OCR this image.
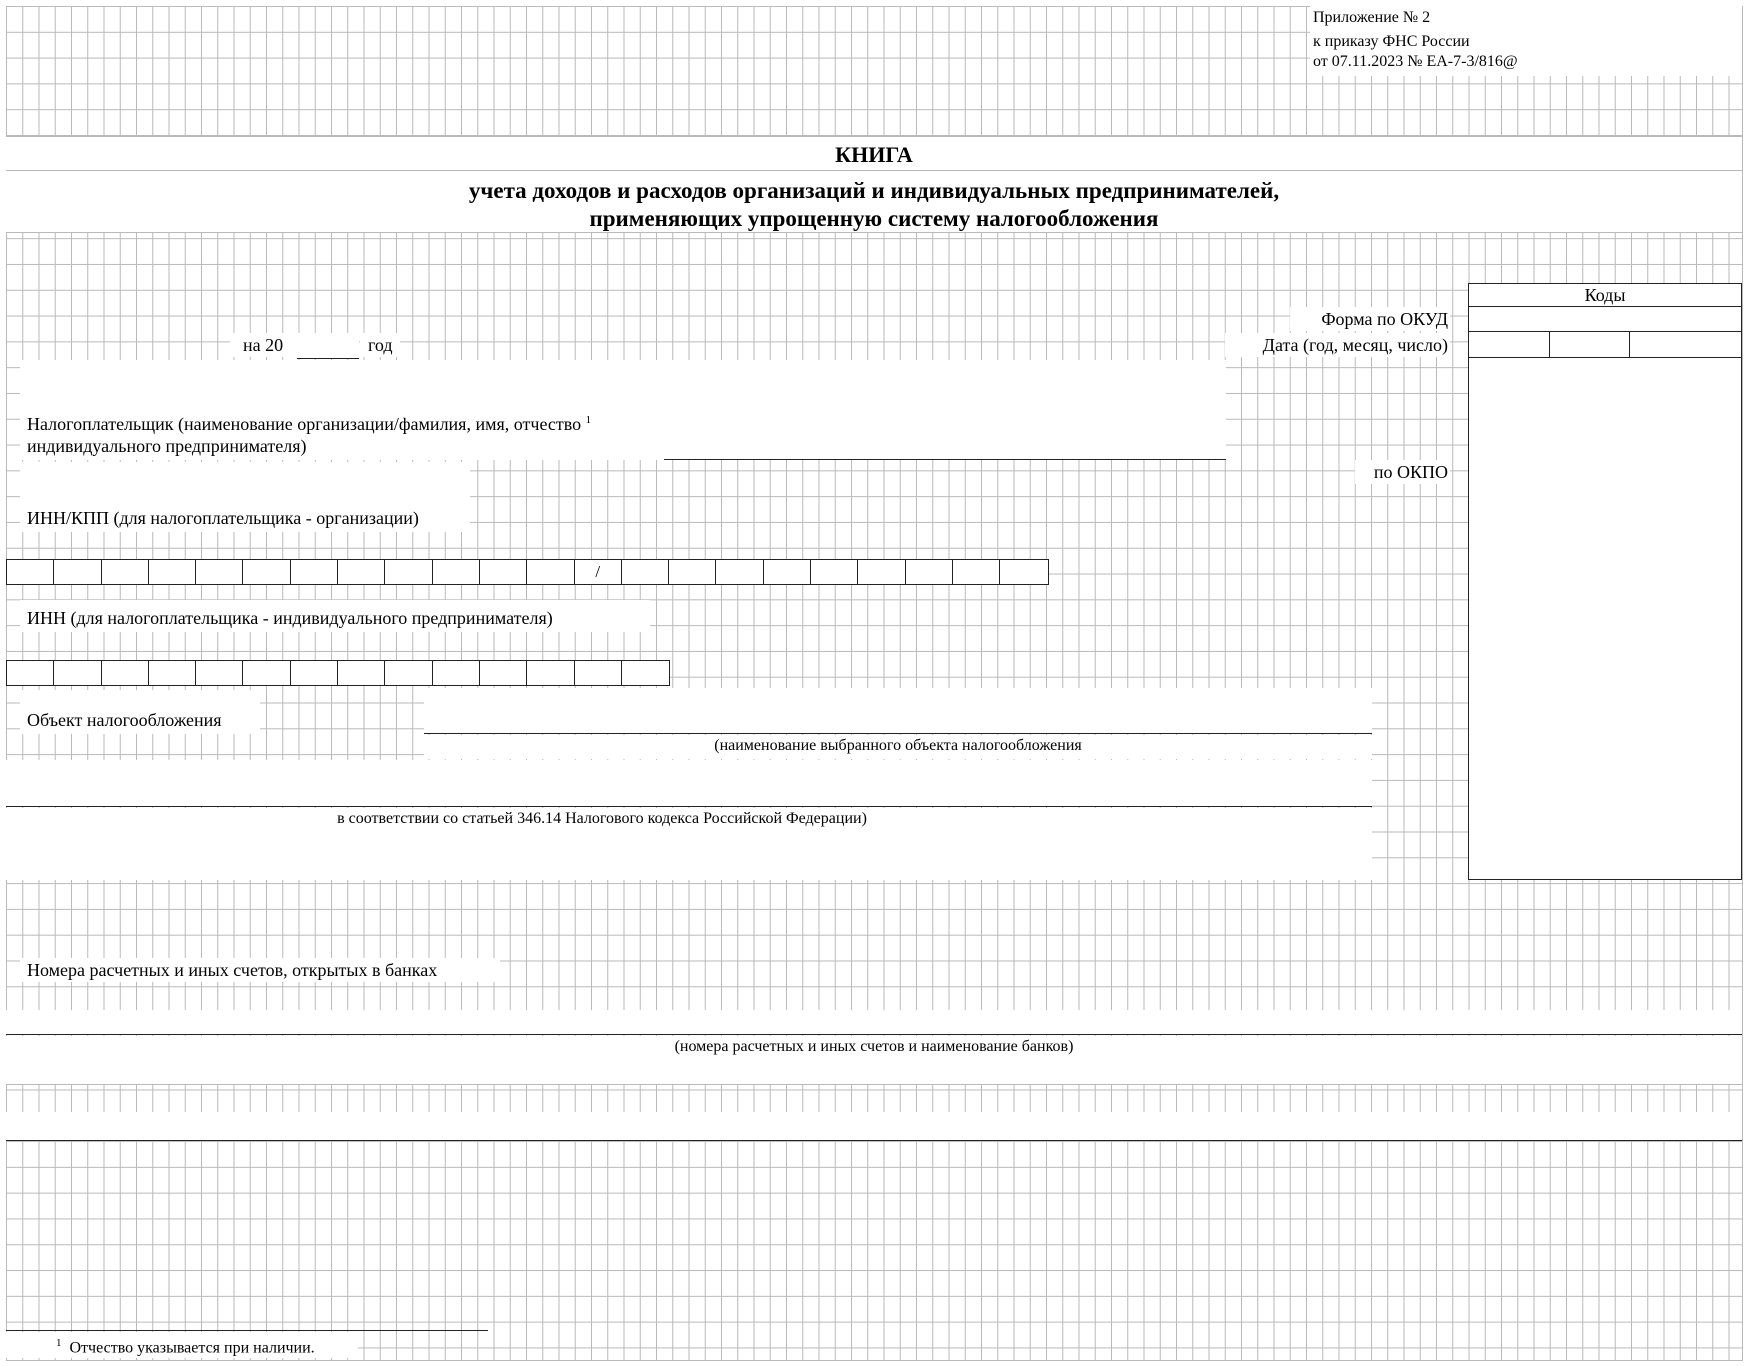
Приложение № 2
к приказу ФНС России
от 07.11.2023 № ЕА-7-3/816@
КНИГА
учета доходов и расходов организаций и индивидуальных предпринимателей,
применяющих упрощенную систему налогообложения
Коды
Форма по ОКУД
Дата (год, месяц, число)
по ОКПО
на 20	год
Налогоплательщик (наименование организации/фамилия, имя, отчество $^1$
индивидуального предпринимателя)
ИНН/КПП (для налогоплательщика - организации)
/
ИНН (для налогоплательщика - индивидуального предпринимателя)
Объект налогообложения
(наименование выбранного объекта налогообложения
в соответствии со статьей 346.14 Налогового кодекса Российской Федерации)
Номера расчетных и иных счетов, открытых в банках
(номера расчетных и иных счетов и наименование банков)
$^1$ Отчество указывается при наличии.
